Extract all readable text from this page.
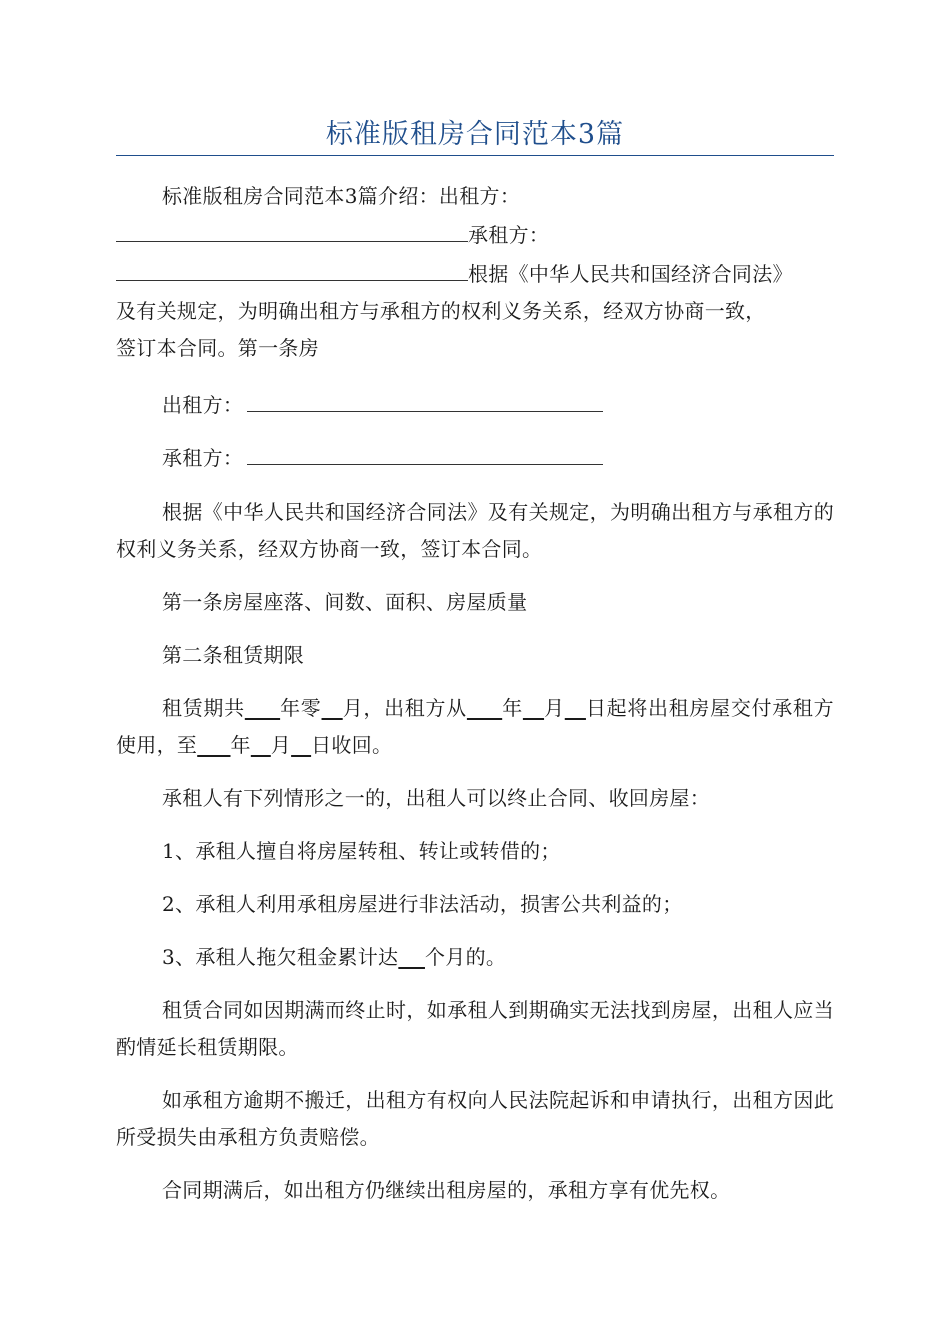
标准版租房合同范本3篇

标准版租房合同范本3篇介绍：出租方：

承租方：

根据《中华人民共和国经济合同法》

及有关规定，为明确出租方与承租方的权利义务关系，经双方协商一致，

签订本合同。第一条房

出租方：

承租方：

根据《中华人民共和国经济合同法》及有关规定，为明确出租方与承租方的权利义务关系，经双方协商一致，签订本合同。

第一条房屋座落、间数、面积、房屋质量

第二条租赁期限

租赁期共 年零 月，出租方从 年 月 日起将出租房屋交付承租方使用，至 年 月 日收回。

承租人有下列情形之一的，出租人可以终止合同、收回房屋：

1、承租人擅自将房屋转租、转让或转借的；

2、承租人利用承租房屋进行非法活动，损害公共利益的；

3、承租人拖欠租金累计达 个月的。

租赁合同如因期满而终止时，如承租人到期确实无法找到房屋，出租人应当酌情延长租赁期限。

如承租方逾期不搬迁，出租方有权向人民法院起诉和申请执行，出租方因此所受损失由承租方负责赔偿。

合同期满后，如出租方仍继续出租房屋的，承租方享有优先权。
